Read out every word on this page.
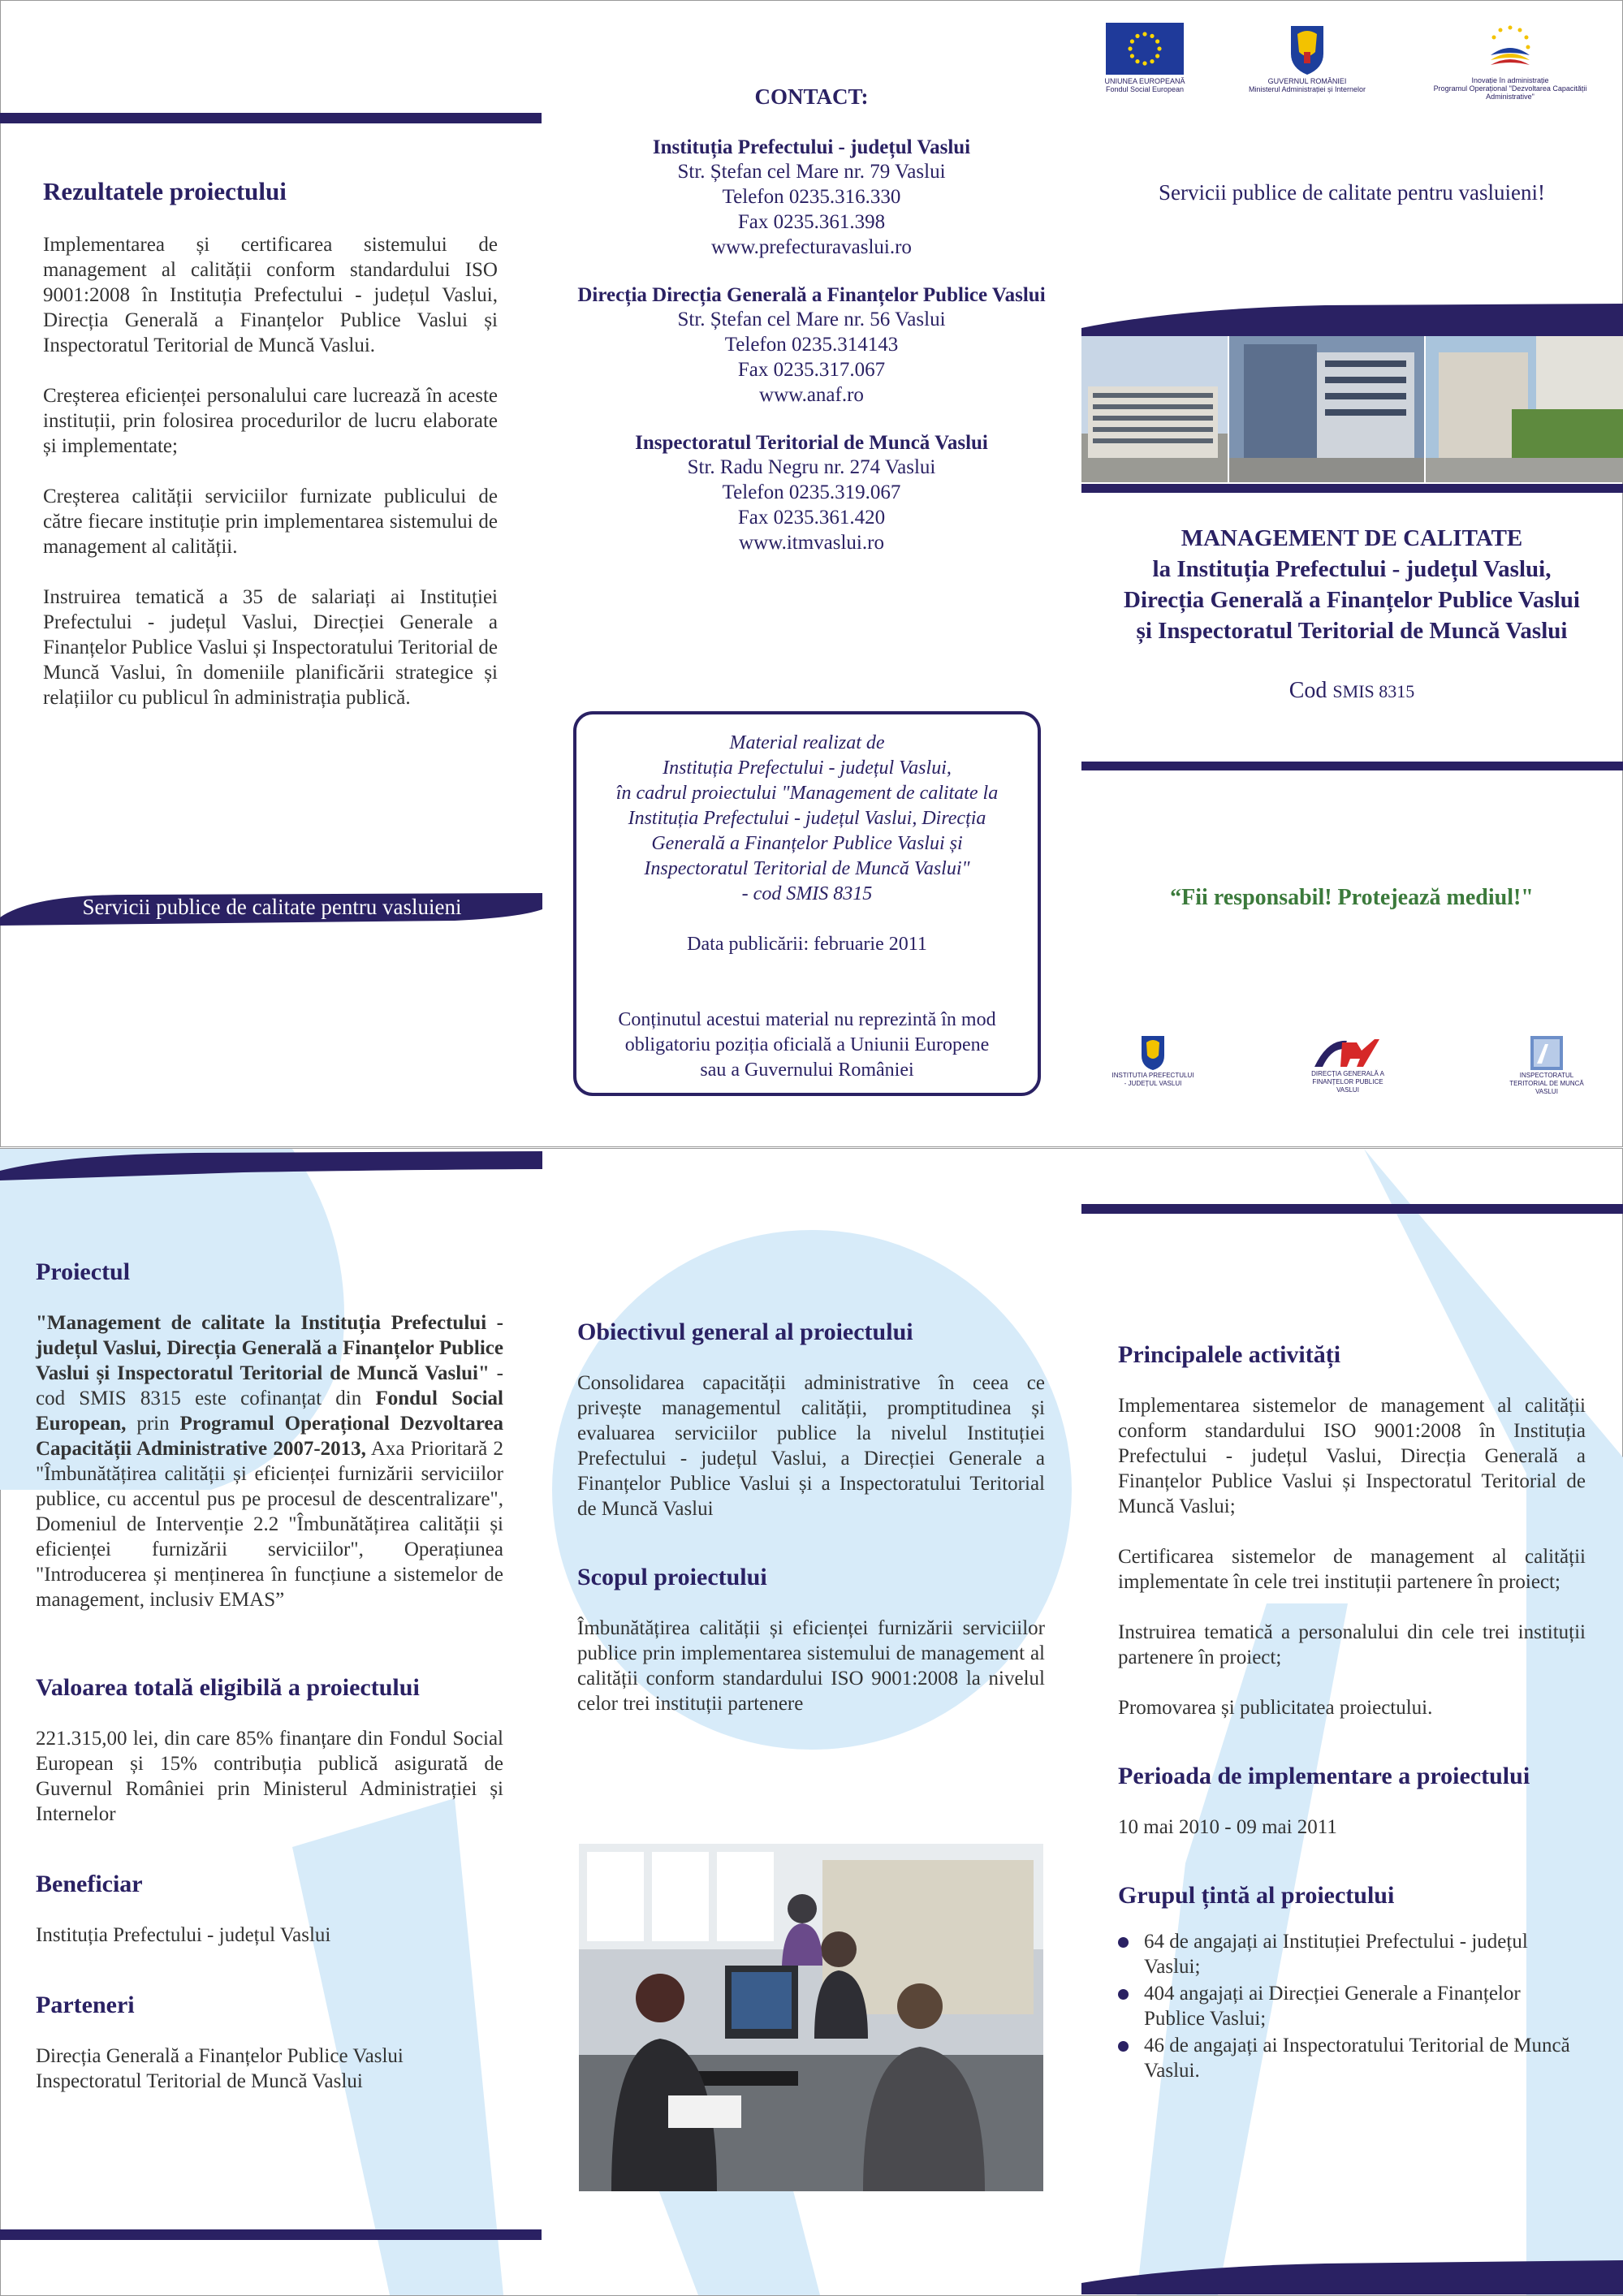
Rezultatele proiectului

Implementarea și certificarea sistemului de management al calității conform standardului ISO 9001:2008 în Instituția Prefectului - județul Vaslui, Direcția Generală a Finanțelor Publice Vaslui și Inspectoratul Teritorial de Muncă Vaslui.

Creșterea eficienței personalului care lucrează în aceste instituții, prin folosirea procedurilor de lucru elaborate și implementate;

Creșterea calității serviciilor furnizate publicului de către fiecare instituție prin implementarea sistemului de management al calității.

Instruirea tematică a 35 de salariați ai Instituției Prefectului - județul Vaslui, Direcției Generale a Finanțelor Publice Vaslui și Inspectoratului Teritorial de Muncă Vaslui, în domeniile planificării strategice și relațiilor cu publicul în administrația publică.

Servicii publice de calitate pentru vasluieni
CONTACT:
Instituția Prefectului - județul Vaslui
Str. Ștefan cel Mare nr. 79 Vaslui
Telefon 0235.316.330
Fax 0235.361.398
www.prefecturavaslui.ro
Direcția Direcția Generală a Finanțelor Publice Vaslui
Str. Ștefan cel Mare nr. 56 Vaslui
Telefon 0235.314143
Fax 0235.317.067
www.anaf.ro
Inspectoratul Teritorial de Muncă Vaslui
Str. Radu Negru nr. 274 Vaslui
Telefon 0235.319.067
Fax 0235.361.420
www.itmvaslui.ro
Material realizat de
Instituția Prefectului - județul Vaslui,
în cadrul proiectului "Management de calitate la
Instituția Prefectului - județul Vaslui, Direcția
Generală a Finanțelor Publice Vaslui și
Inspectoratul Teritorial de Muncă Vaslui"
- cod SMIS 8315
Data publicării: februarie 2011
Conținutul acestui material nu reprezintă în mod
obligatoriu poziția oficială a Uniunii Europene
sau a Guvernului României
UNIUNEA EUROPEANĂ
Fondul Social European
GUVERNUL ROMÂNIEI
Ministerul Administrației și Internelor
Inovație în administrație
Programul Operațional "Dezvoltarea Capacității Administrative"
Servicii publice de calitate pentru vasluieni!
MANAGEMENT DE CALITATE
la Instituția Prefectului - județul Vaslui,
Direcția Generală a Finanțelor Publice Vaslui
și Inspectoratul Teritorial de Muncă Vaslui
Cod SMIS 8315
“Fii responsabil! Protejează mediul!"
INSTITUTIA PREFECTULUI
- JUDEȚUL VASLUI
DIRECȚIA GENERALĂ A
FINANȚELOR PUBLICE
VASLUI
INSPECTORATUL
TERITORIAL DE MUNCĂ
VASLUI
Proiectul

"Management de calitate la Instituția Prefectului - județul Vaslui, Direcția Generală a Finanțelor Publice Vaslui și Inspectoratul Teritorial de Muncă Vaslui" - cod SMIS 8315 este cofinanțat din Fondul Social European, prin Programul Operațional Dezvoltarea Capacității Administrative 2007-2013, Axa Prioritară 2 "Îmbunătățirea calității și eficienței furnizării serviciilor publice, cu accentul pus pe procesul de descentralizare", Domeniul de Intervenție 2.2 "Îmbunătățirea calității și eficienței furnizării serviciilor", Operațiunea "Introducerea și menținerea în funcțiune a sistemelor de management, inclusiv EMAS”

Valoarea totală eligibilă a proiectului

221.315,00 lei, din care 85% finanțare din Fondul Social European și 15% contribuția publică asigurată de Guvernul României prin Ministerul Administrației și Internelor

Beneficiar

Instituția Prefectului - județul Vaslui

Parteneri

Direcția Generală a Finanțelor Publice Vaslui
Inspectoratul Teritorial de Muncă Vaslui

Obiectivul general al proiectului

Consolidarea capacității administrative în ceea ce privește managementul calității, promptitudinea și evaluarea serviciilor publice la nivelul Instituției Prefectului - județul Vaslui, a Direcției Generale a Finanțelor Publice Vaslui și a Inspectoratului Teritorial de Muncă Vaslui

Scopul proiectului

Îmbunătățirea calității și eficienței furnizării serviciilor publice prin implementarea sistemului de management al calității conform standardului ISO 9001:2008 la nivelul celor trei instituții partenere

Principalele activități

Implementarea sistemelor de management al calității conform standardului ISO 9001:2008 în Instituția Prefectului - județul Vaslui, Direcția Generală a Finanțelor Publice Vaslui și Inspectoratul Teritorial de Muncă Vaslui;

Certificarea sistemelor de management al calității implementate în cele trei instituții partenere în proiect;

Instruirea tematică a personalului din cele trei instituții partenere în proiect;

Promovarea și publicitatea proiectului.

Perioada de implementare a proiectului

10 mai 2010 - 09 mai 2011

Grupul țintă al proiectului
64 de angajați ai Instituției Prefectului - județul Vaslui;
404 angajați ai Direcției Generale a Finanțelor Publice Vaslui;
46 de angajați ai Inspectoratului Teritorial de Muncă Vaslui.
